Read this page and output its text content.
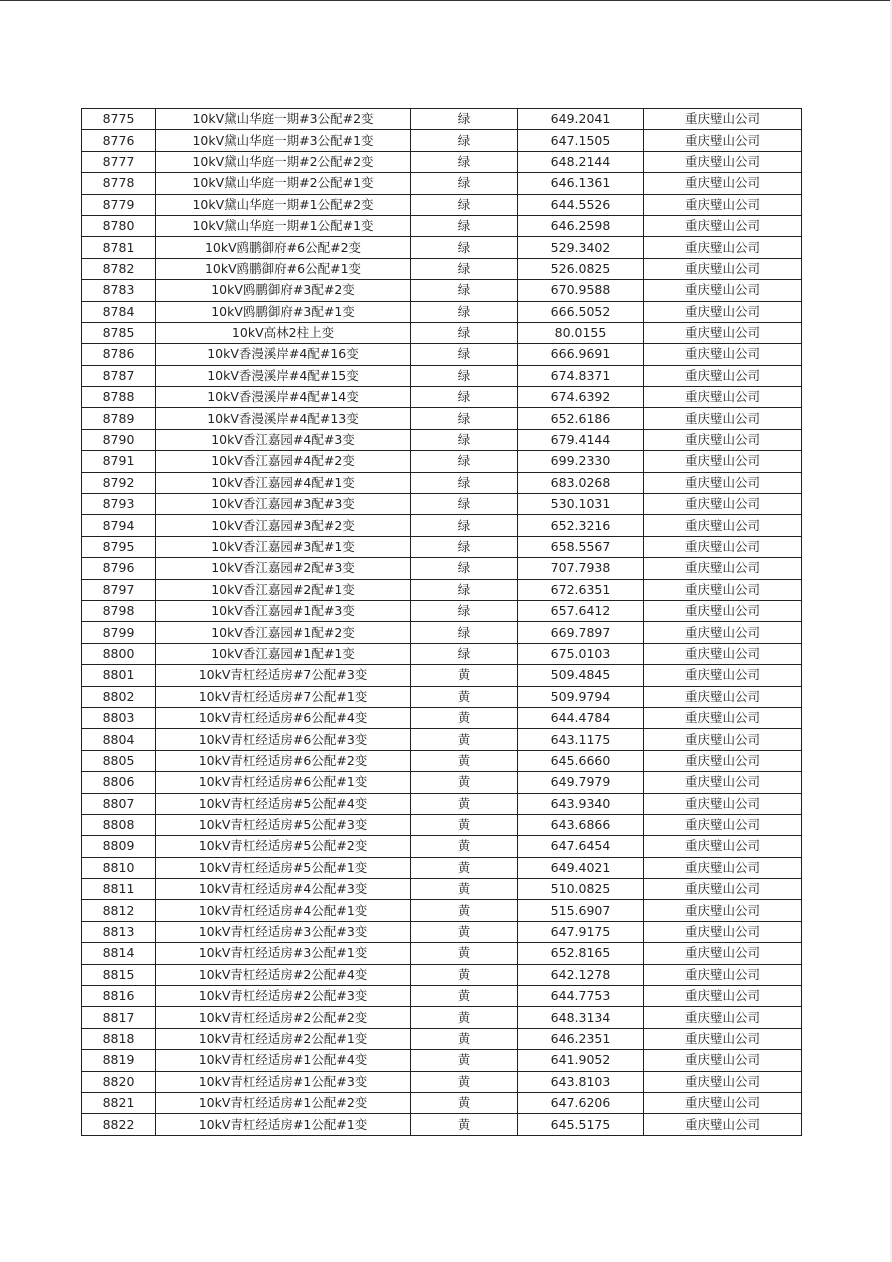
8775	10kV黛山华庭一期#3公配#2变	绿	649.2041	重庆璧山公司
8776	10kV黛山华庭一期#3公配#1变	绿	647.1505	重庆璧山公司
8777	10kV黛山华庭一期#2公配#2变	绿	648.2144	重庆璧山公司
8778	10kV黛山华庭一期#2公配#1变	绿	646.1361	重庆璧山公司
8779	10kV黛山华庭一期#1公配#2变	绿	644.5526	重庆璧山公司
8780	10kV黛山华庭一期#1公配#1变	绿	646.2598	重庆璧山公司
8781	10kV鸥鹏御府#6公配#2变	绿	529.3402	重庆璧山公司
8782	10kV鸥鹏御府#6公配#1变	绿	526.0825	重庆璧山公司
8783	10kV鸥鹏御府#3配#2变	绿	670.9588	重庆璧山公司
8784	10kV鸥鹏御府#3配#1变	绿	666.5052	重庆璧山公司
8785	10kV高林2柱上变	绿	80.0155	重庆璧山公司
8786	10kV香漫溪岸#4配#16变	绿	666.9691	重庆璧山公司
8787	10kV香漫溪岸#4配#15变	绿	674.8371	重庆璧山公司
8788	10kV香漫溪岸#4配#14变	绿	674.6392	重庆璧山公司
8789	10kV香漫溪岸#4配#13变	绿	652.6186	重庆璧山公司
8790	10kV香江嘉园#4配#3变	绿	679.4144	重庆璧山公司
8791	10kV香江嘉园#4配#2变	绿	699.2330	重庆璧山公司
8792	10kV香江嘉园#4配#1变	绿	683.0268	重庆璧山公司
8793	10kV香江嘉园#3配#3变	绿	530.1031	重庆璧山公司
8794	10kV香江嘉园#3配#2变	绿	652.3216	重庆璧山公司
8795	10kV香江嘉园#3配#1变	绿	658.5567	重庆璧山公司
8796	10kV香江嘉园#2配#3变	绿	707.7938	重庆璧山公司
8797	10kV香江嘉园#2配#1变	绿	672.6351	重庆璧山公司
8798	10kV香江嘉园#1配#3变	绿	657.6412	重庆璧山公司
8799	10kV香江嘉园#1配#2变	绿	669.7897	重庆璧山公司
8800	10kV香江嘉园#1配#1变	绿	675.0103	重庆璧山公司
8801	10kV青杠经适房#7公配#3变	黄	509.4845	重庆璧山公司
8802	10kV青杠经适房#7公配#1变	黄	509.9794	重庆璧山公司
8803	10kV青杠经适房#6公配#4变	黄	644.4784	重庆璧山公司
8804	10kV青杠经适房#6公配#3变	黄	643.1175	重庆璧山公司
8805	10kV青杠经适房#6公配#2变	黄	645.6660	重庆璧山公司
8806	10kV青杠经适房#6公配#1变	黄	649.7979	重庆璧山公司
8807	10kV青杠经适房#5公配#4变	黄	643.9340	重庆璧山公司
8808	10kV青杠经适房#5公配#3变	黄	643.6866	重庆璧山公司
8809	10kV青杠经适房#5公配#2变	黄	647.6454	重庆璧山公司
8810	10kV青杠经适房#5公配#1变	黄	649.4021	重庆璧山公司
8811	10kV青杠经适房#4公配#3变	黄	510.0825	重庆璧山公司
8812	10kV青杠经适房#4公配#1变	黄	515.6907	重庆璧山公司
8813	10kV青杠经适房#3公配#3变	黄	647.9175	重庆璧山公司
8814	10kV青杠经适房#3公配#1变	黄	652.8165	重庆璧山公司
8815	10kV青杠经适房#2公配#4变	黄	642.1278	重庆璧山公司
8816	10kV青杠经适房#2公配#3变	黄	644.7753	重庆璧山公司
8817	10kV青杠经适房#2公配#2变	黄	648.3134	重庆璧山公司
8818	10kV青杠经适房#2公配#1变	黄	646.2351	重庆璧山公司
8819	10kV青杠经适房#1公配#4变	黄	641.9052	重庆璧山公司
8820	10kV青杠经适房#1公配#3变	黄	643.8103	重庆璧山公司
8821	10kV青杠经适房#1公配#2变	黄	647.6206	重庆璧山公司
8822	10kV青杠经适房#1公配#1变	黄	645.5175	重庆璧山公司
